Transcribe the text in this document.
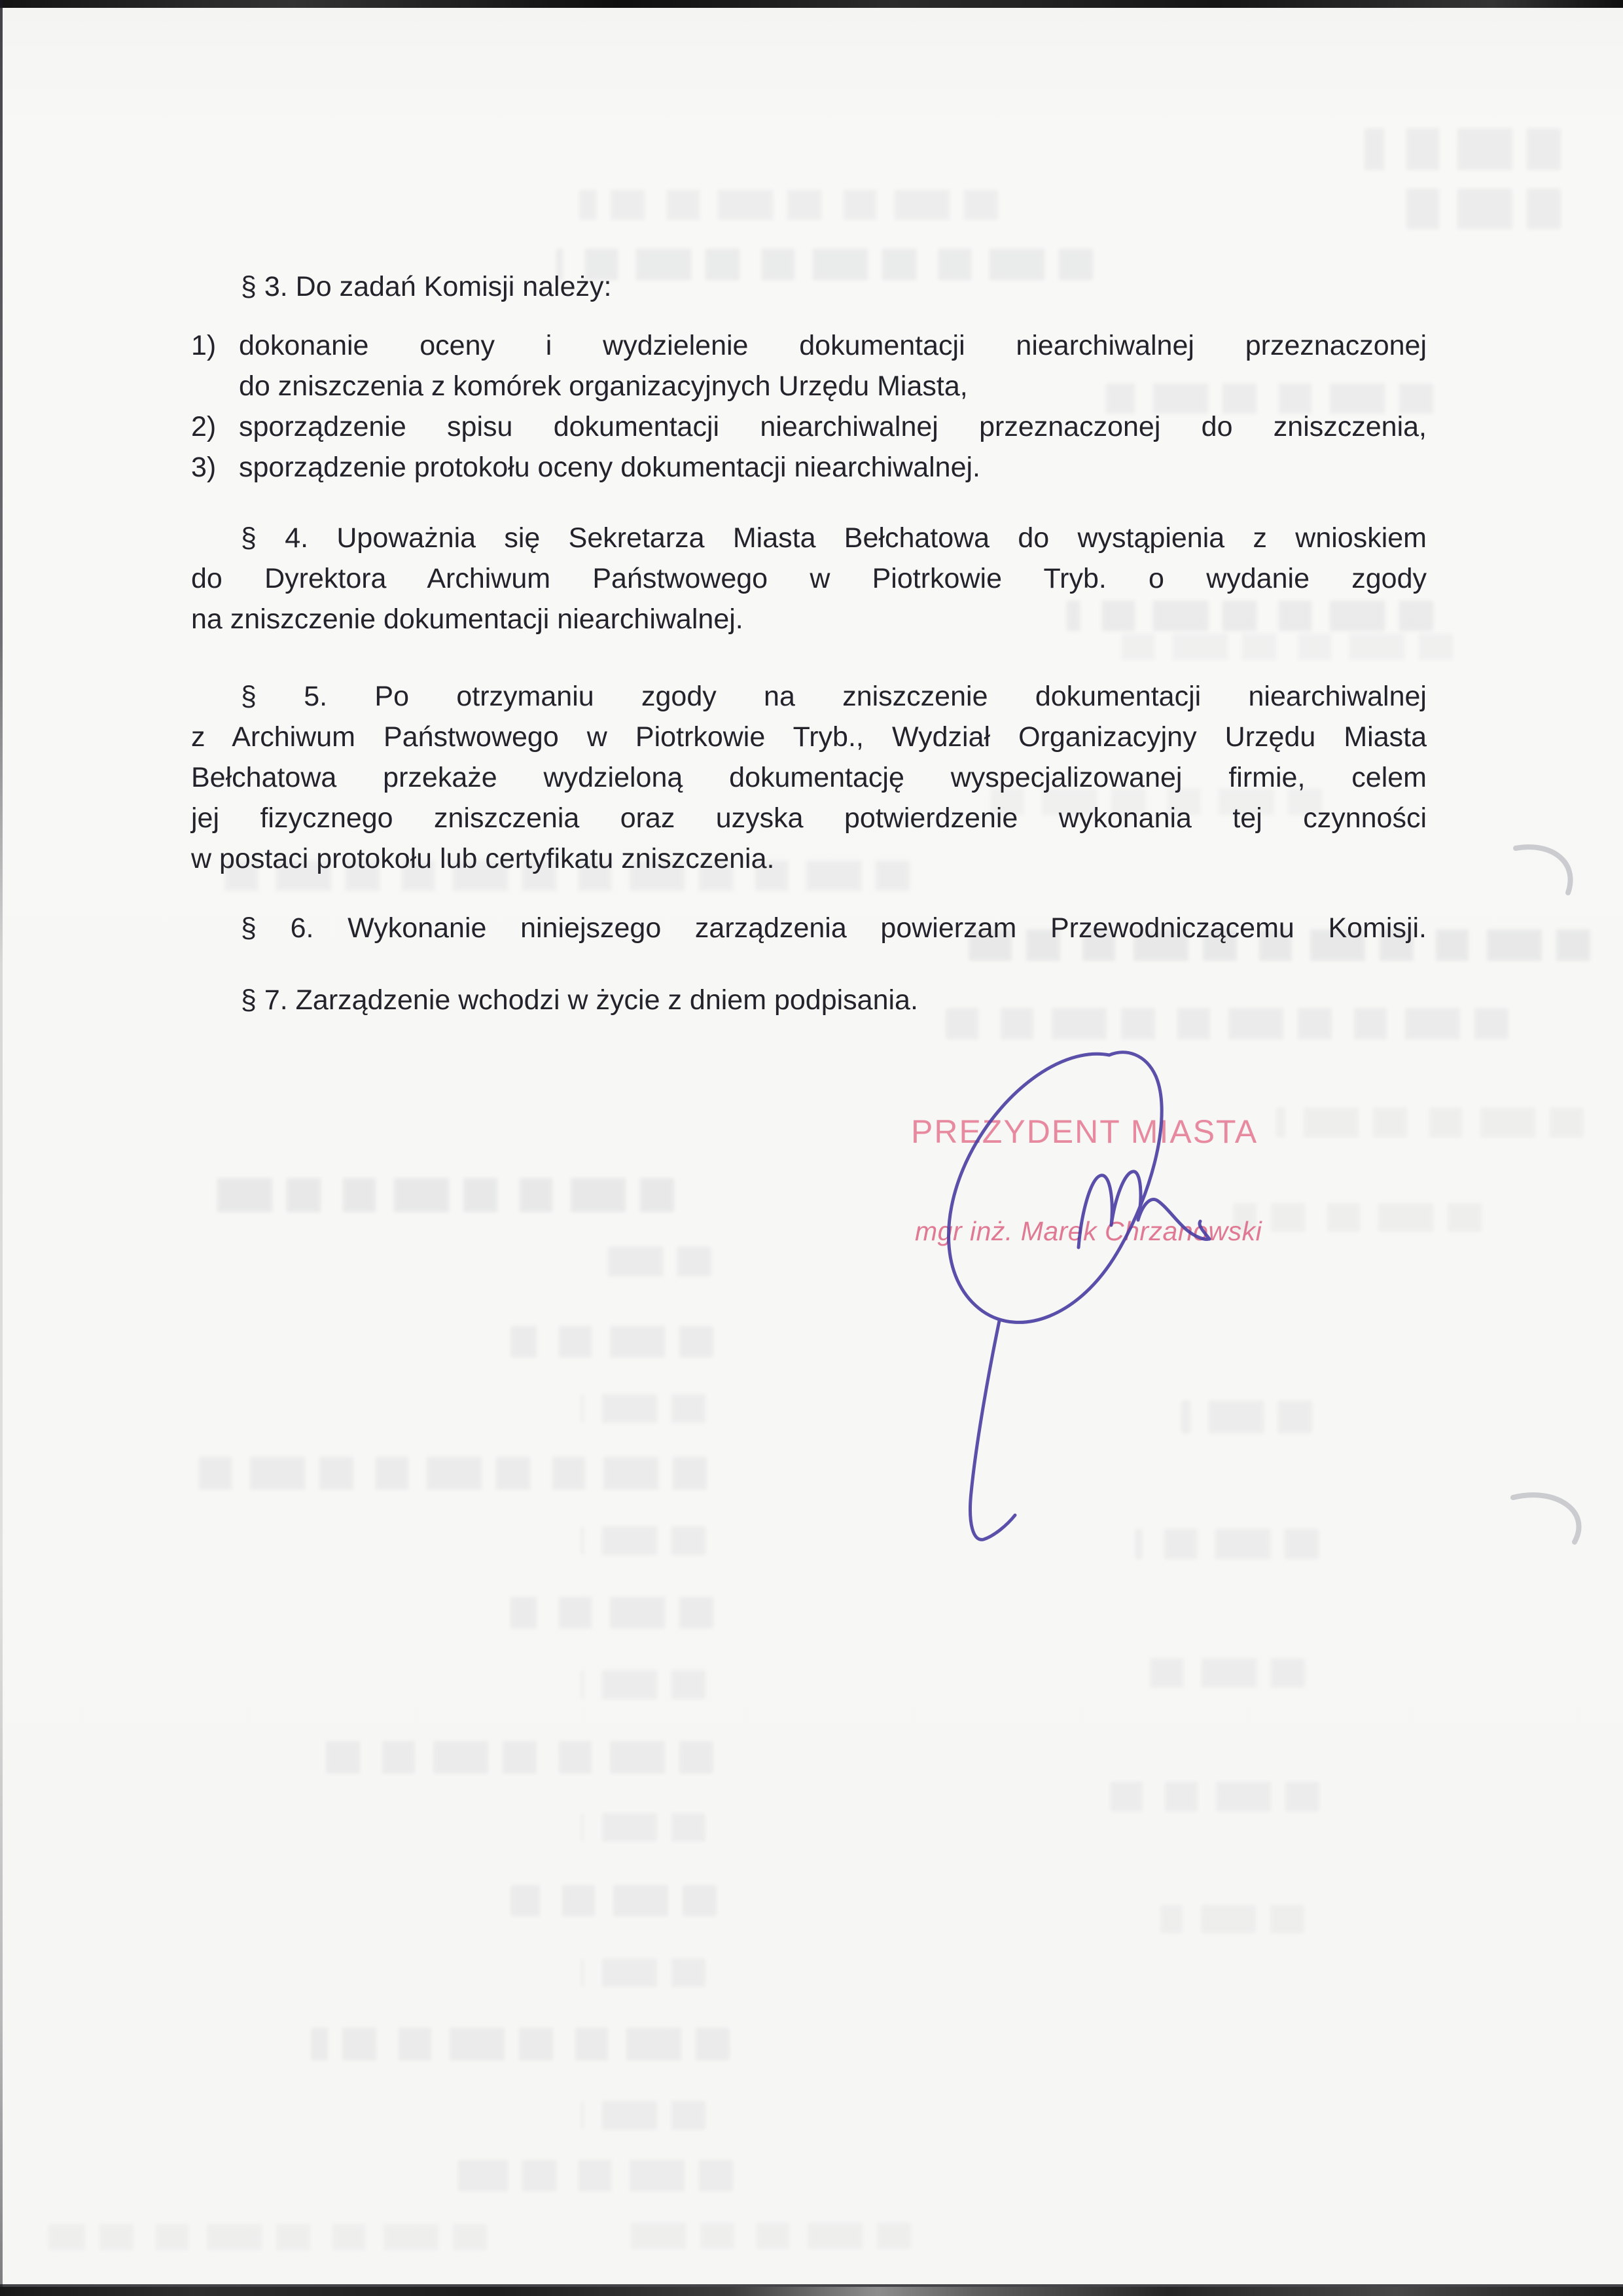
§ 3. Do zadań Komisji należy:
1) dokonanie oceny i wydzielenie dokumentacji niearchiwalnej przeznaczonej
do zniszczenia z komórek organizacyjnych Urzędu Miasta,
2) sporządzenie spisu dokumentacji niearchiwalnej przeznaczonej do zniszczenia,
3) sporządzenie protokołu oceny dokumentacji niearchiwalnej.
§ 4. Upoważnia się Sekretarza Miasta Bełchatowa do wystąpienia z wnioskiem
do Dyrektora Archiwum Państwowego w Piotrkowie Tryb. o wydanie zgody
na zniszczenie dokumentacji niearchiwalnej.
§ 5. Po otrzymaniu zgody na zniszczenie dokumentacji niearchiwalnej
z Archiwum Państwowego w Piotrkowie Tryb., Wydział Organizacyjny Urzędu Miasta
Bełchatowa przekaże wydzieloną dokumentację wyspecjalizowanej firmie, celem
jej fizycznego zniszczenia oraz uzyska potwierdzenie wykonania tej czynności
w postaci protokołu lub certyfikatu zniszczenia.
§ 6. Wykonanie niniejszego zarządzenia powierzam Przewodniczącemu Komisji.
§ 7. Zarządzenie wchodzi w życie z dniem podpisania.
PREZYDENT MIASTA
mgr inż. Marek Chrzanowski
